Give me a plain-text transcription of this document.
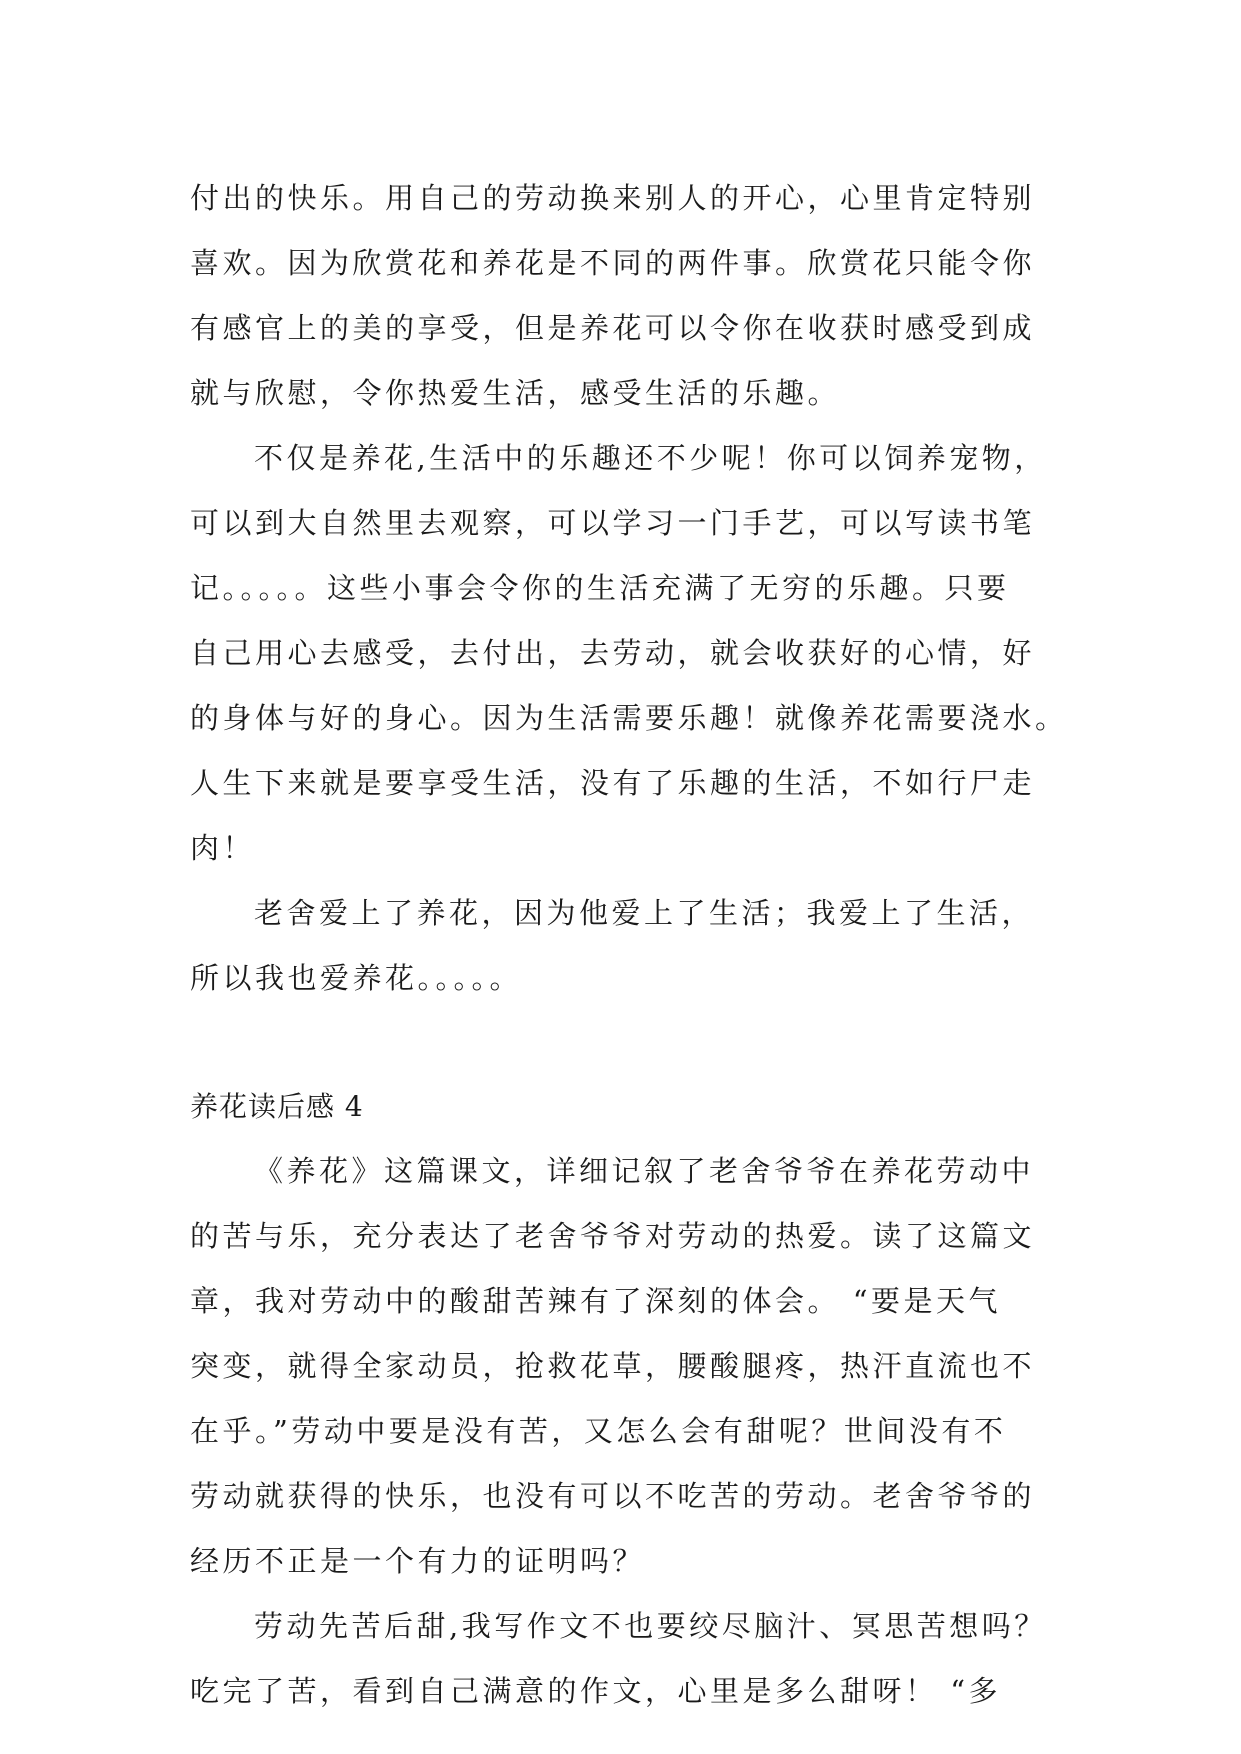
付出的快乐。用自己的劳动换来别人的开心，心里肯定特别
喜欢。因为欣赏花和养花是不同的两件事。欣赏花只能令你
有感官上的美的享受，但是养花可以令你在收获时感受到成
就与欣慰，令你热爱生活，感受生活的乐趣。

不仅是养花,生活中的乐趣还不少呢！你可以饲养宠物，
可以到大自然里去观察，可以学习一门手艺，可以写读书笔
记。。。。。这些小事会令你的生活充满了无穷的乐趣。只要
自己用心去感受，去付出，去劳动，就会收获好的心情，好
的身体与好的身心。因为生活需要乐趣！就像养花需要浇水。
人生下来就是要享受生活，没有了乐趣的生活，不如行尸走
肉！

老舍爱上了养花，因为他爱上了生活；我爱上了生活，
所以我也爱养花。。。。。

养花读后感 4

《养花》这篇课文，详细记叙了老舍爷爷在养花劳动中
的苦与乐，充分表达了老舍爷爷对劳动的热爱。读了这篇文
章，我对劳动中的酸甜苦辣有了深刻的体会。 “要是天气
突变，就得全家动员，抢救花草，腰酸腿疼，热汗直流也不
在乎。”劳动中要是没有苦，又怎么会有甜呢？世间没有不
劳动就获得的快乐，也没有可以不吃苦的劳动。老舍爷爷的
经历不正是一个有力的证明吗？

劳动先苦后甜,我写作文不也要绞尽脑汁、冥思苦想吗？
吃完了苦，看到自己满意的作文，心里是多么甜呀！ “多
